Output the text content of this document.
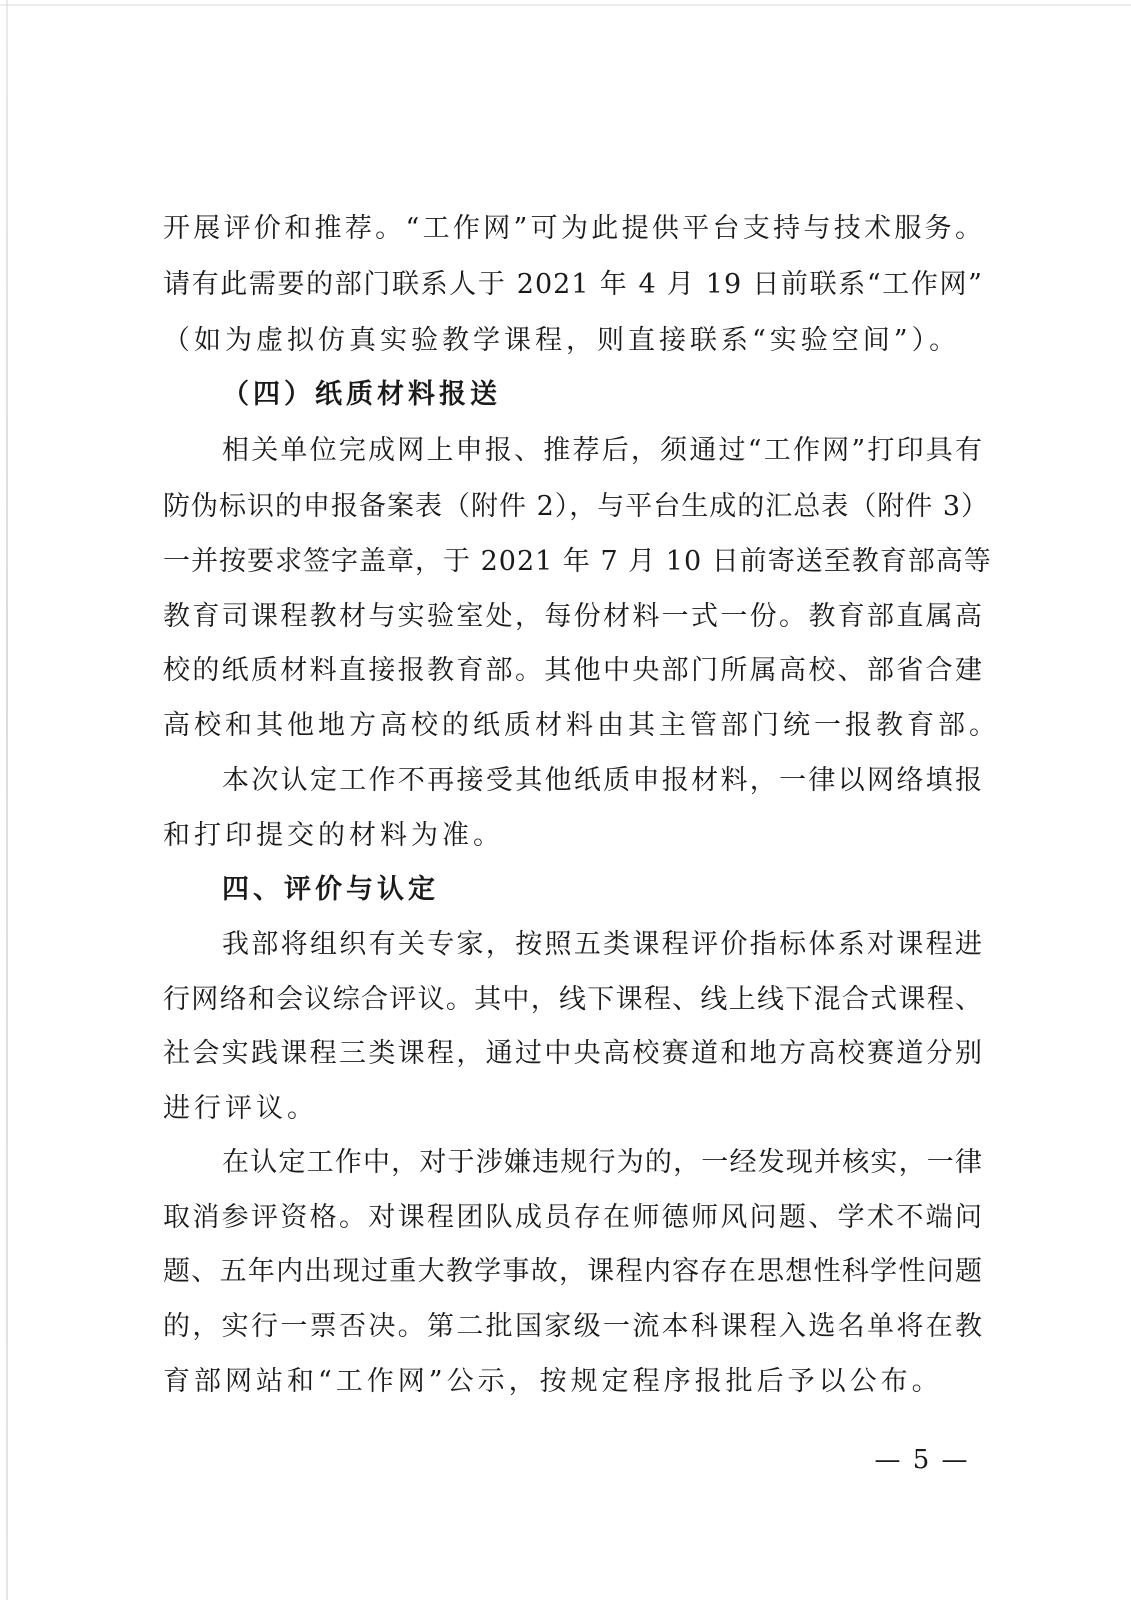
开展评价和推荐。“工作网”可为此提供平台支持与技术服务。
请有此需要的部门联系人于 2021 年 4 月 19 日前联系“工作网”
（如为虚拟仿真实验教学课程，则直接联系“实验空间”）。
（四）纸质材料报送
相关单位完成网上申报、推荐后，须通过“工作网”打印具有
防伪标识的申报备案表（附件 2），与平台生成的汇总表（附件 3）
一并按要求签字盖章，于 2021 年 7 月 10 日前寄送至教育部高等
教育司课程教材与实验室处，每份材料一式一份。教育部直属高
校的纸质材料直接报教育部。其他中央部门所属高校、部省合建
高校和其他地方高校的纸质材料由其主管部门统一报教育部。
本次认定工作不再接受其他纸质申报材料，一律以网络填报
和打印提交的材料为准。
四、评价与认定
我部将组织有关专家，按照五类课程评价指标体系对课程进
行网络和会议综合评议。其中，线下课程、线上线下混合式课程、
社会实践课程三类课程，通过中央高校赛道和地方高校赛道分别
进行评议。
在认定工作中，对于涉嫌违规行为的，一经发现并核实，一律
取消参评资格。对课程团队成员存在师德师风问题、学术不端问
题、五年内出现过重大教学事故，课程内容存在思想性科学性问题
的，实行一票否决。第二批国家级一流本科课程入选名单将在教
育部网站和“工作网”公示，按规定程序报批后予以公布。
— 5 —
